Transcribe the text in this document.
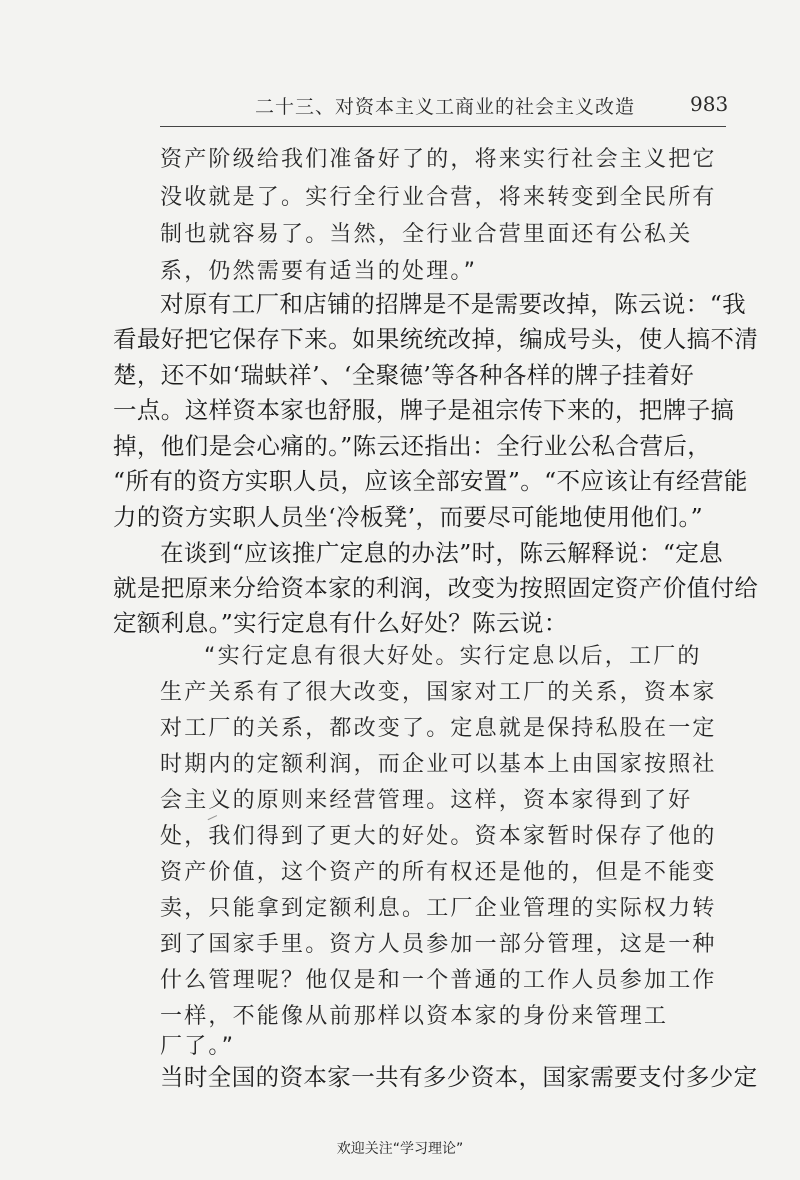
二十三、对资本主义工商业的社会主义改造	983
资产阶级给我们准备好了的，将来实行社会主义把它
没收就是了。实行全行业合营，将来转变到全民所有
制也就容易了。当然，全行业合营里面还有公私关
系，仍然需要有适当的处理。”
对原有工厂和店铺的招牌是不是需要改掉，陈云说：“我
看最好把它保存下来。如果统统改掉，编成号头，使人搞不清
楚，还不如‘瑞蚨祥’、‘全聚德’等各种各样的牌子挂着好
一点。这样资本家也舒服，牌子是祖宗传下来的，把牌子搞
掉，他们是会心痛的。”陈云还指出：全行业公私合营后，
“所有的资方实职人员，应该全部安置”。“不应该让有经营能
力的资方实职人员坐‘冷板凳’，而要尽可能地使用他们。”
在谈到“应该推广定息的办法”时，陈云解释说：“定息
就是把原来分给资本家的利润，改变为按照固定资产价值付给
定额利息。”实行定息有什么好处？陈云说：
“实行定息有很大好处。实行定息以后，工厂的
生产关系有了很大改变，国家对工厂的关系，资本家
对工厂的关系，都改变了。定息就是保持私股在一定
时期内的定额利润，而企业可以基本上由国家按照社
会主义的原则来经营管理。这样，资本家得到了好
处，我们得到了更大的好处。资本家暂时保存了他的
资产价值，这个资产的所有权还是他的，但是不能变
卖，只能拿到定额利息。工厂企业管理的实际权力转
到了国家手里。资方人员参加一部分管理，这是一种
什么管理呢？他仅是和一个普通的工作人员参加工作
一样，不能像从前那样以资本家的身份来管理工
厂了。”
当时全国的资本家一共有多少资本，国家需要支付多少定
欢迎关注“学习理论”
